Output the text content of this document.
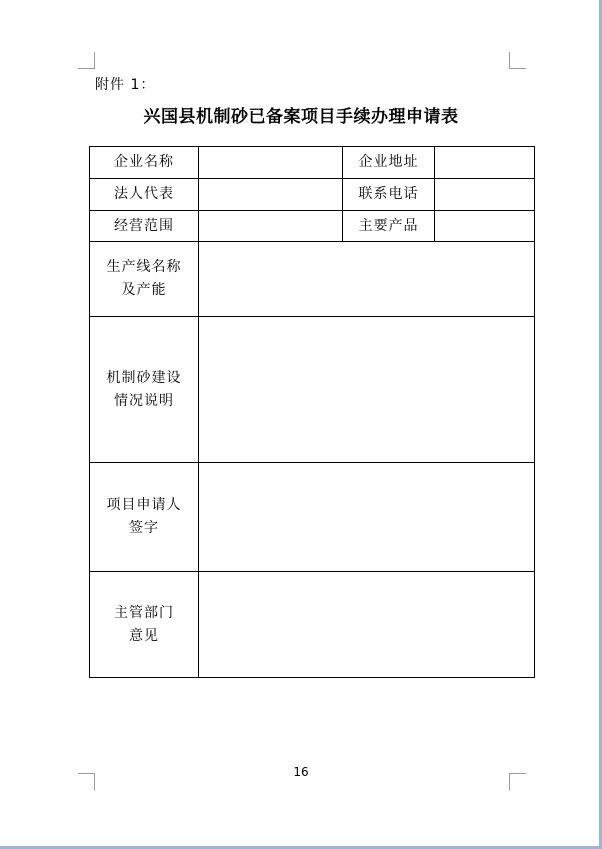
附件 1：
兴国县机制砂已备案项目手续办理申请表
企业名称		企业地址	
法人代表		联系电话	
经营范围		主要产品	

生产线名称
及产能			

机制砂建设
情况说明			

项目申请人
签字			

主管部门
意见			

16
